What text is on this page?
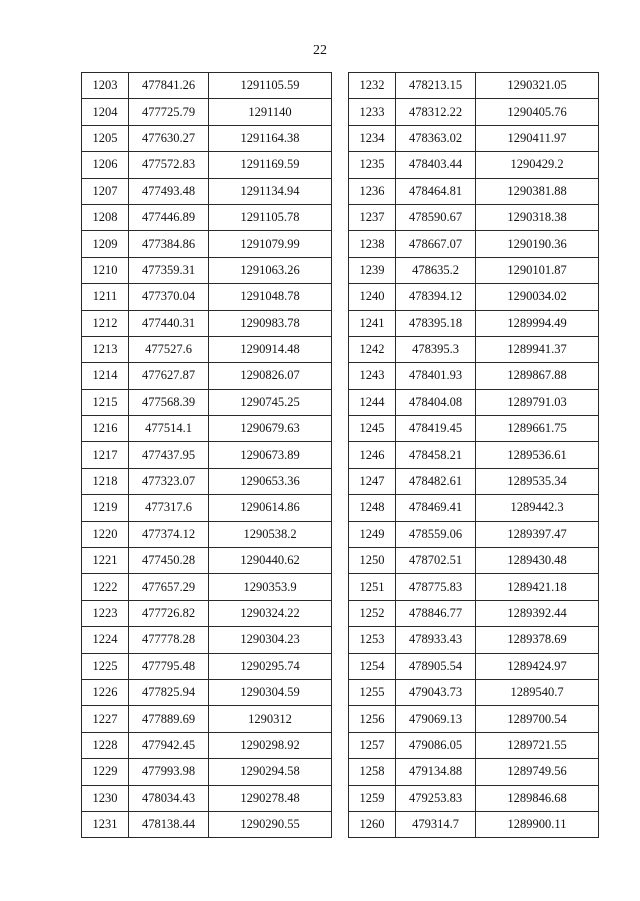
22
1203	477841.26	1291105.59
1204	477725.79	1291140
1205	477630.27	1291164.38
1206	477572.83	1291169.59
1207	477493.48	1291134.94
1208	477446.89	1291105.78
1209	477384.86	1291079.99
1210	477359.31	1291063.26
1211	477370.04	1291048.78
1212	477440.31	1290983.78
1213	477527.6	1290914.48
1214	477627.87	1290826.07
1215	477568.39	1290745.25
1216	477514.1	1290679.63
1217	477437.95	1290673.89
1218	477323.07	1290653.36
1219	477317.6	1290614.86
1220	477374.12	1290538.2
1221	477450.28	1290440.62
1222	477657.29	1290353.9
1223	477726.82	1290324.22
1224	477778.28	1290304.23
1225	477795.48	1290295.74
1226	477825.94	1290304.59
1227	477889.69	1290312
1228	477942.45	1290298.92
1229	477993.98	1290294.58
1230	478034.43	1290278.48
1231	478138.44	1290290.55
1232	478213.15	1290321.05
1233	478312.22	1290405.76
1234	478363.02	1290411.97
1235	478403.44	1290429.2
1236	478464.81	1290381.88
1237	478590.67	1290318.38
1238	478667.07	1290190.36
1239	478635.2	1290101.87
1240	478394.12	1290034.02
1241	478395.18	1289994.49
1242	478395.3	1289941.37
1243	478401.93	1289867.88
1244	478404.08	1289791.03
1245	478419.45	1289661.75
1246	478458.21	1289536.61
1247	478482.61	1289535.34
1248	478469.41	1289442.3
1249	478559.06	1289397.47
1250	478702.51	1289430.48
1251	478775.83	1289421.18
1252	478846.77	1289392.44
1253	478933.43	1289378.69
1254	478905.54	1289424.97
1255	479043.73	1289540.7
1256	479069.13	1289700.54
1257	479086.05	1289721.55
1258	479134.88	1289749.56
1259	479253.83	1289846.68
1260	479314.7	1289900.11
